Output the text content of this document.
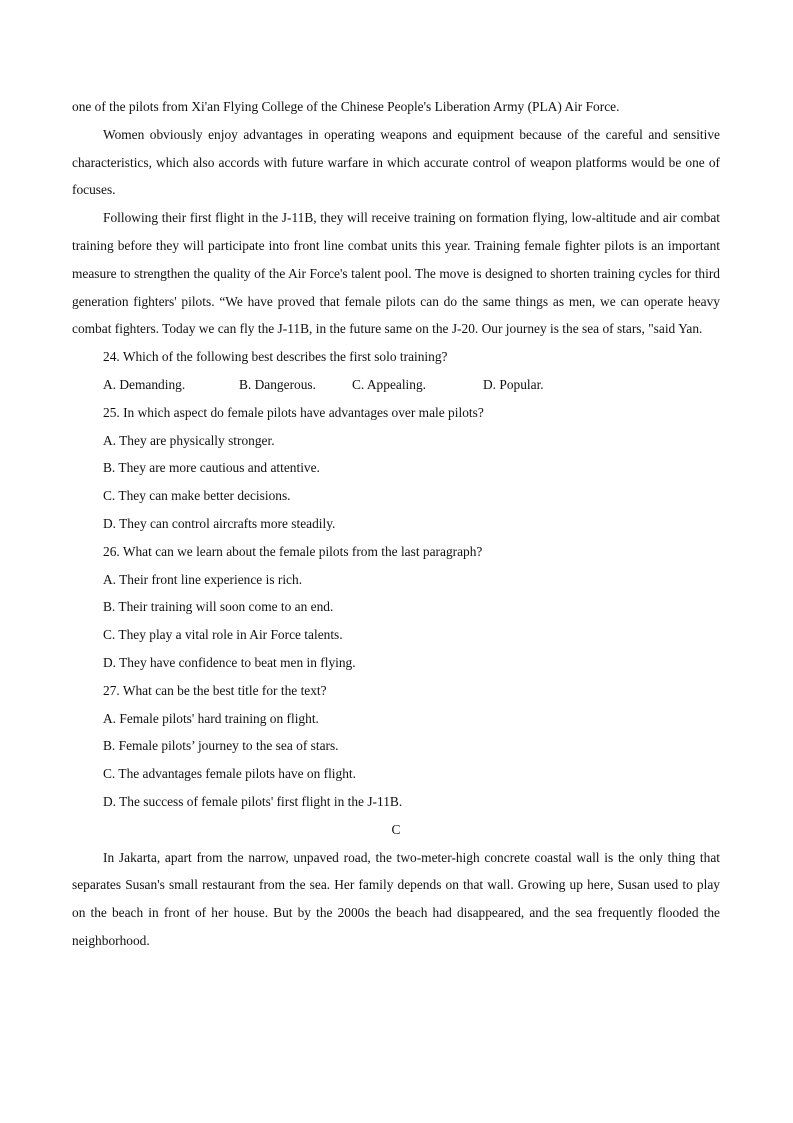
one of the pilots from Xi'an Flying College of the Chinese People's Liberation Army (PLA) Air Force.

Women obviously enjoy advantages in operating weapons and equipment because of the careful and sensitive characteristics, which also accords with future warfare in which accurate control of weapon platforms would be one of focuses.

Following their first flight in the J-11B, they will receive training on formation flying, low-altitude and air combat training before they will participate into front line combat units this year. Training female fighter pilots is an important measure to strengthen the quality of the Air Force's talent pool. The move is designed to shorten training cycles for third generation fighters' pilots. “We have proved that female pilots can do the same things as men, we can operate heavy combat fighters. Today we can fly the J-11B, in the future same on the J-20. Our journey is the sea of stars, "said Yan.

24. Which of the following best describes the first solo training?

A. Demanding.	B. Dangerous.	C. Appealing.	D. Popular.

25. In which aspect do female pilots have advantages over male pilots?

A. They are physically stronger.

B. They are more cautious and attentive.

C. They can make better decisions.

D. They can control aircrafts more steadily.

26. What can we learn about the female pilots from the last paragraph?

A. Their front line experience is rich.

B. Their training will soon come to an end.

C. They play a vital role in Air Force talents.

D. They have confidence to beat men in flying.

27. What can be the best title for the text?

A. Female pilots' hard training on flight.

B. Female pilots’ journey to the sea of stars.

C. The advantages female pilots have on flight.

D. The success of female pilots' first flight in the J-11B.

C

In Jakarta, apart from the narrow, unpaved road, the two-meter-high concrete coastal wall is the only thing that separates Susan's small restaurant from the sea. Her family depends on that wall. Growing up here, Susan used to play on the beach in front of her house. But by the 2000s the beach had disappeared, and the sea frequently flooded the neighborhood.
